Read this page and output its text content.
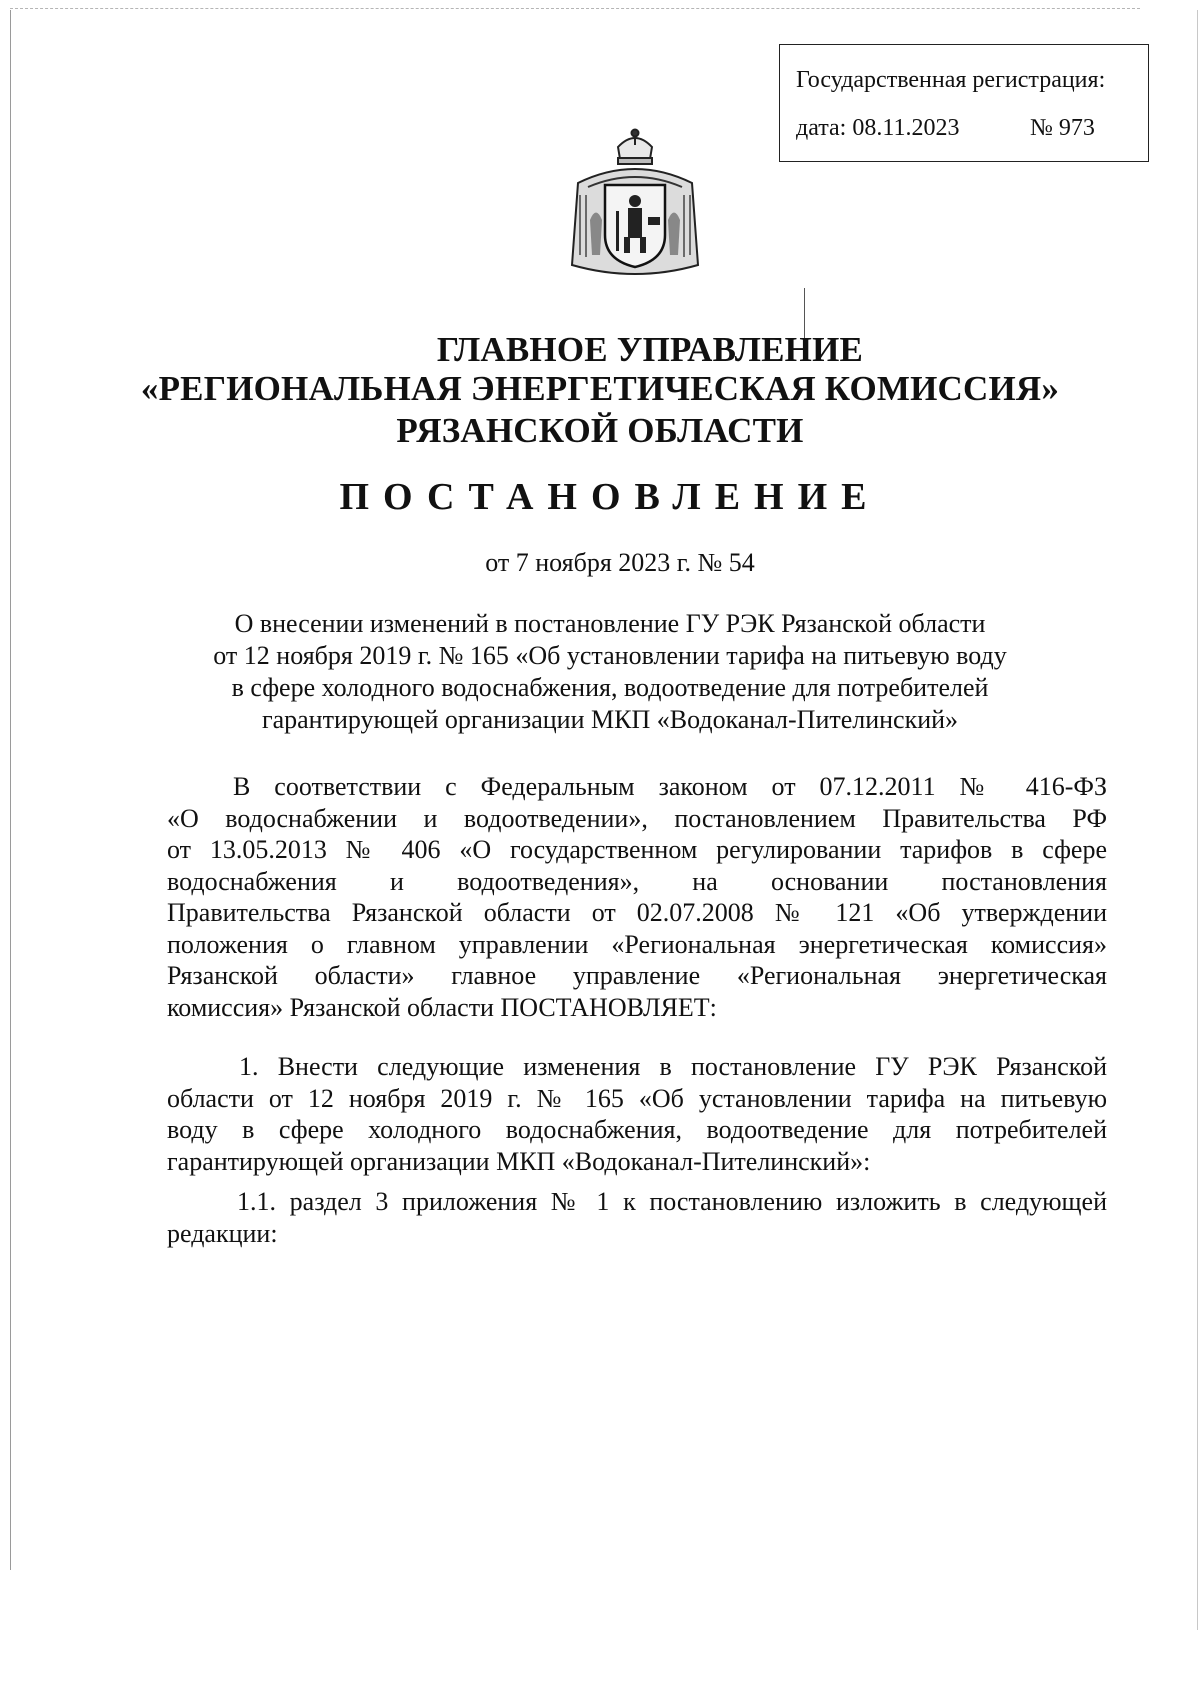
Государственная регистрация:
дата: 08.11.2023	№ 973
ГЛАВНОЕ УПРАВЛЕНИЕ
«РЕГИОНАЛЬНАЯ ЭНЕРГЕТИЧЕСКАЯ КОМИССИЯ»
РЯЗАНСКОЙ ОБЛАСТИ
ПОСТАНОВЛЕНИЕ
от 7 ноября 2023 г. № 54
О внесении изменений в постановление ГУ РЭК Рязанской области
от 12 ноября 2019 г. № 165 «Об установлении тарифа на питьевую воду
в сфере холодного водоснабжения, водоотведение для потребителей
гарантирующей организации МКП «Водоканал-Пителинский»
В соответствии с Федеральным законом от 07.12.2011 № 416-ФЗ
«О водоснабжении и водоотведении», постановлением Правительства РФ
от 13.05.2013 № 406 «О государственном регулировании тарифов в сфере
водоснабжения и водоотведения», на основании постановления
Правительства Рязанской области от 02.07.2008 № 121 «Об утверждении
положения о главном управлении «Региональная энергетическая комиссия»
Рязанской области» главное управление «Региональная энергетическая
комиссия» Рязанской области ПОСТАНОВЛЯЕТ:
1. Внести следующие изменения в постановление ГУ РЭК Рязанской
области от 12 ноября 2019 г. № 165 «Об установлении тарифа на питьевую
воду в сфере холодного водоснабжения, водоотведение для потребителей
гарантирующей организации МКП «Водоканал-Пителинский»:
1.1. раздел 3 приложения № 1 к постановлению изложить в следующей
редакции:
